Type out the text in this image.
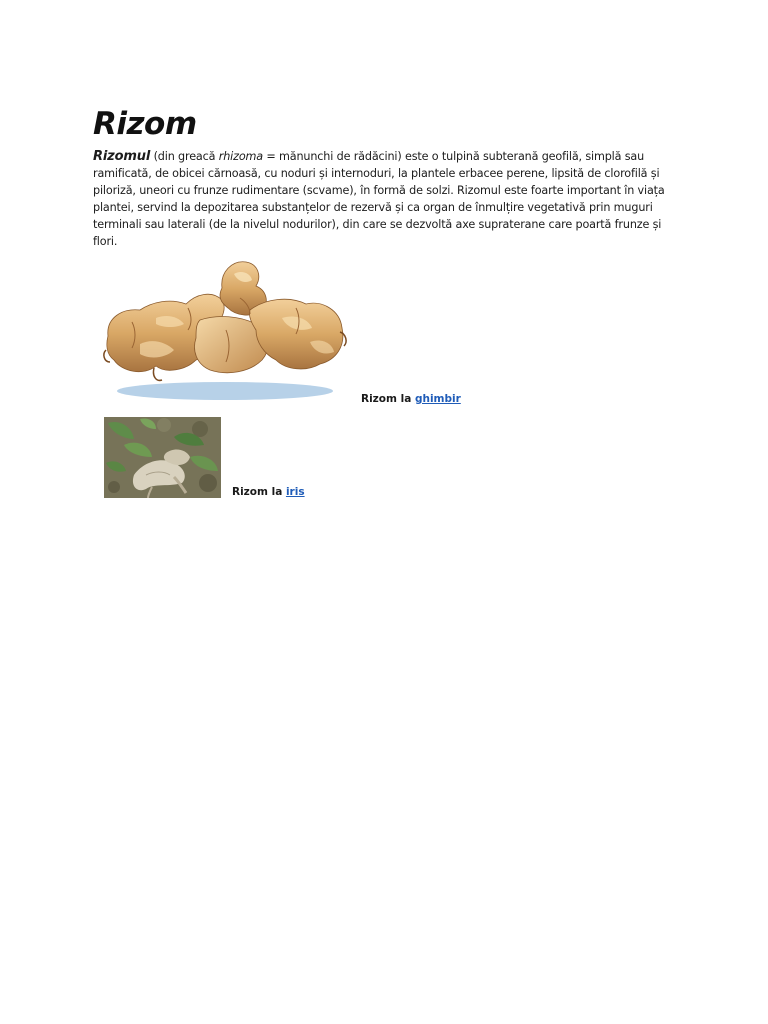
Rizom

Rizomul (din greacă rhizoma = mănunchi de rădăcini) este o tulpină subterană geofilă, simplă sau ramificată, de obicei cărnoasă, cu noduri și internoduri, la plantele erbacee perene, lipsită de clorofilă și piloriză, uneori cu frunze rudimentare (scvame), în formă de solzi. Rizomul este foarte important în viața plantei, servind la depozitarea substanțelor de rezervă și ca organ de înmulțire vegetativă prin muguri terminali sau laterali (de la nivelul nodurilor), din care se dezvoltă axe supraterane care poartă frunze și flori.

Rizom la ghimbir
Rizom la iris
